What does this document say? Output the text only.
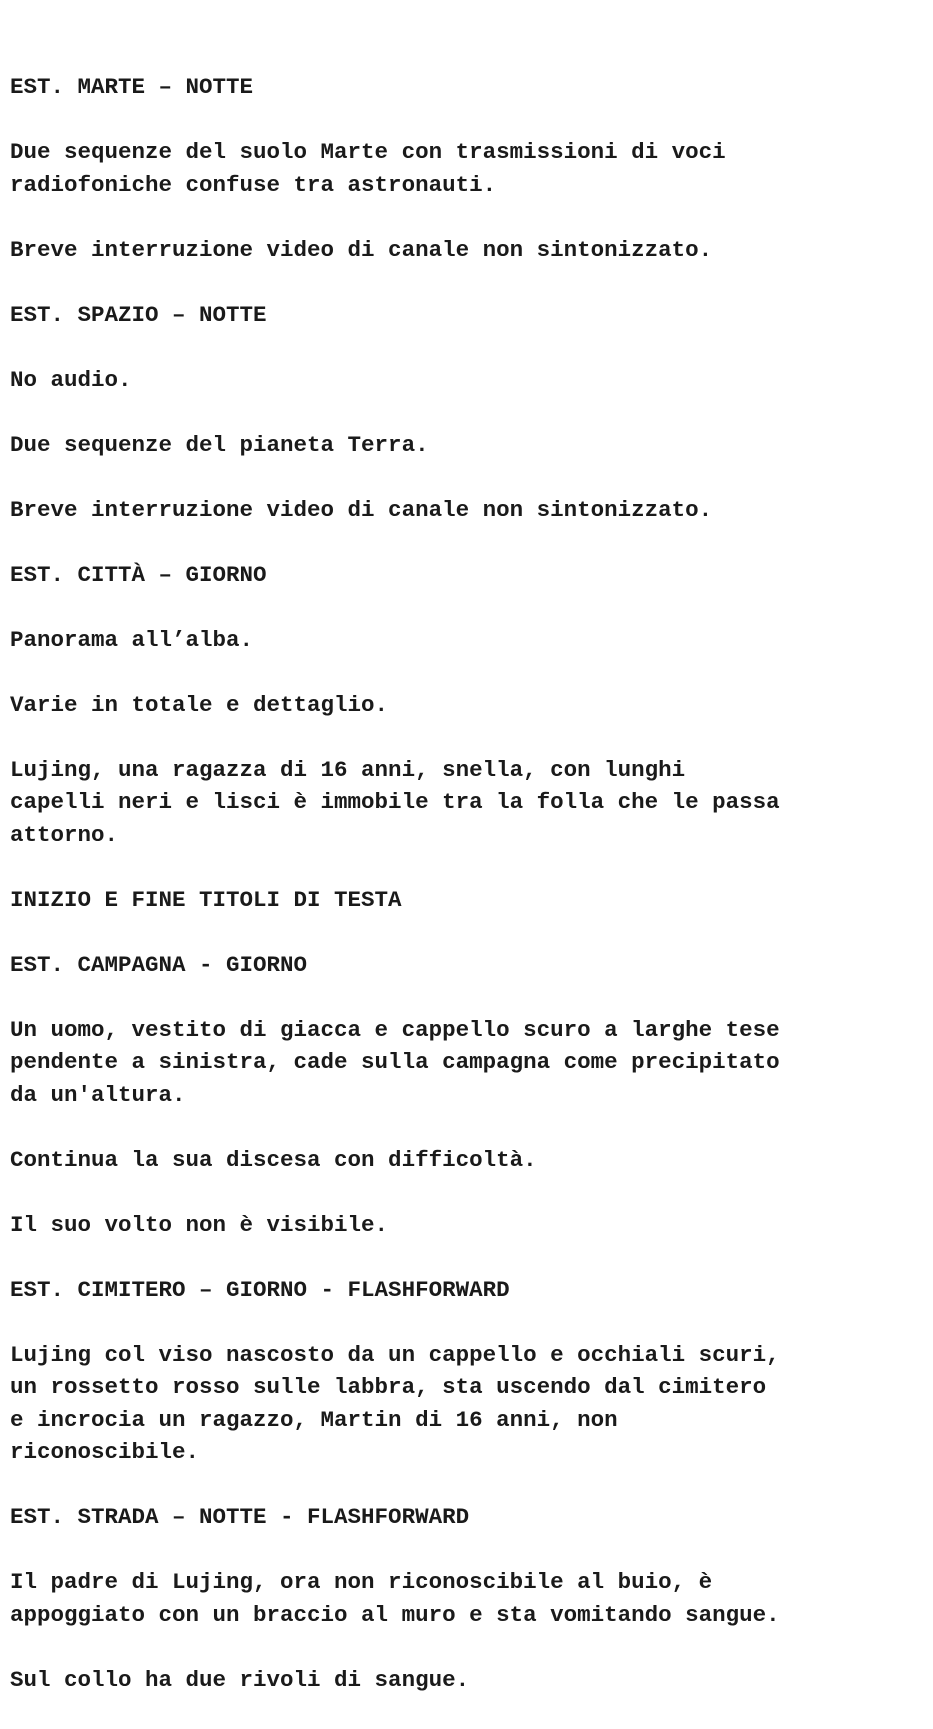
EST. MARTE – NOTTE

Due sequenze del suolo Marte con trasmissioni di voci
radiofoniche confuse tra astronauti.

Breve interruzione video di canale non sintonizzato.

EST. SPAZIO – NOTTE

No audio.

Due sequenze del pianeta Terra.

Breve interruzione video di canale non sintonizzato.

EST. CITTÀ – GIORNO

Panorama all’alba.

Varie in totale e dettaglio.

Lujing, una ragazza di 16 anni, snella, con lunghi
capelli neri e lisci è immobile tra la folla che le passa
attorno.

INIZIO E FINE TITOLI DI TESTA

EST. CAMPAGNA - GIORNO

Un uomo, vestito di giacca e cappello scuro a larghe tese
pendente a sinistra, cade sulla campagna come precipitato
da un'altura.

Continua la sua discesa con difficoltà.

Il suo volto non è visibile.

EST. CIMITERO – GIORNO - FLASHFORWARD

Lujing col viso nascosto da un cappello e occhiali scuri,
un rossetto rosso sulle labbra, sta uscendo dal cimitero
e incrocia un ragazzo, Martin di 16 anni, non
riconoscibile.

EST. STRADA – NOTTE - FLASHFORWARD

Il padre di Lujing, ora non riconoscibile al buio, è
appoggiato con un braccio al muro e sta vomitando sangue.

Sul collo ha due rivoli di sangue.
